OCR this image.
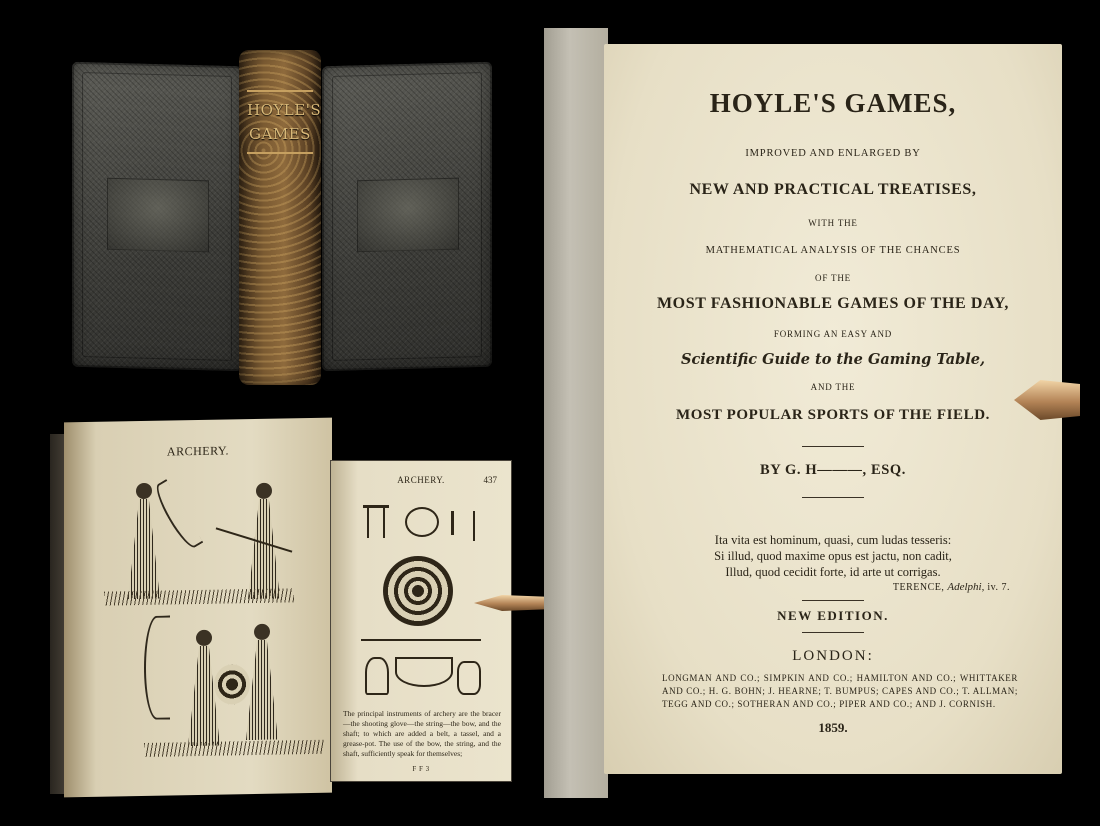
HOYLE'S
GAMES
ARCHERY.
ARCHERY.	437
The principal instruments of archery are the bracer—the shooting glove—the string—the bow, and the shaft; to which are added a belt, a tassel, and a grease-pot. The use of the bow, the string, and the shaft, sufficiently speak for themselves;
F F 3
HOYLE'S GAMES,
IMPROVED AND ENLARGED BY
NEW AND PRACTICAL TREATISES,
WITH THE
MATHEMATICAL ANALYSIS OF THE CHANCES
OF THE
MOST FASHIONABLE GAMES OF THE DAY,
FORMING AN EASY AND
Scientific Guide to the Gaming Table,
AND THE
MOST POPULAR SPORTS OF THE FIELD.
BY G. H———, ESQ.
Ita vita est hominum, quasi, cum ludas tesseris:
Si illud, quod maxime opus est jactu, non cadit,
Illud, quod cecidit forte, id arte ut corrigas.
TERENCE, Adelphi, iv. 7.
NEW EDITION.
LONDON:
LONGMAN AND CO.; SIMPKIN AND CO.; HAMILTON AND CO.; WHITTAKER AND CO.; H. G. BOHN; J. HEARNE; T. BUMPUS; CAPES AND CO.; T. ALLMAN; TEGG AND CO.; SOTHERAN AND CO.; PIPER AND CO.; AND J. CORNISH.
1859.
